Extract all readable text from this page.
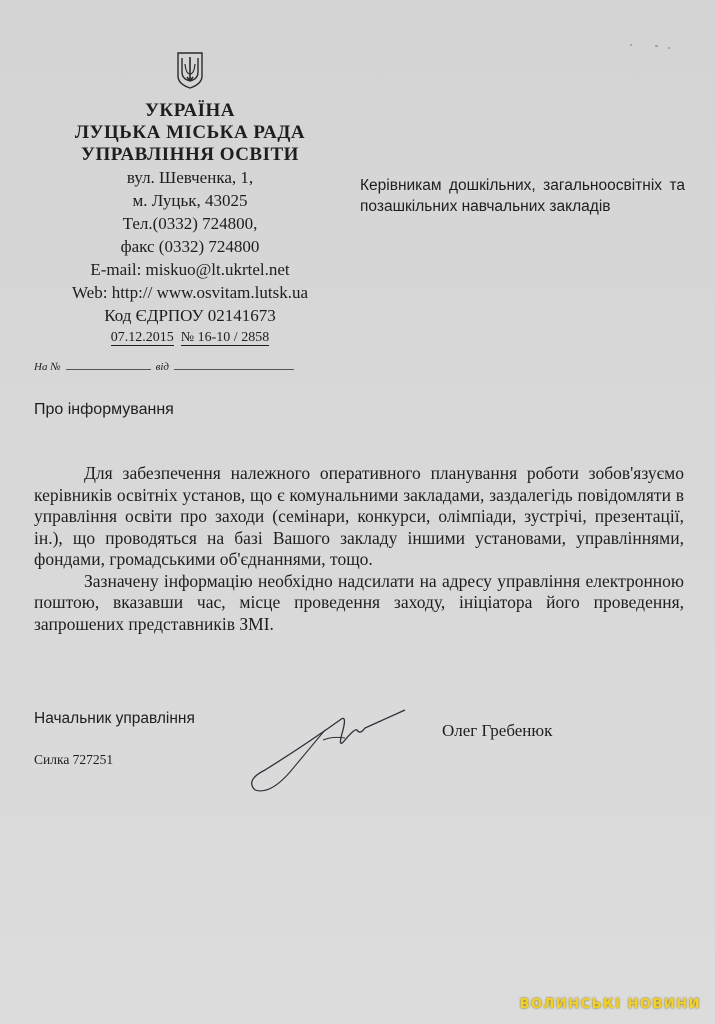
УКРАЇНА
ЛУЦЬКА МІСЬКА РАДА
УПРАВЛІННЯ ОСВІТИ
вул. Шевченка, 1,
м. Луцьк, 43025
Тел.(0332) 724800,
факс (0332) 724800
E-mail: miskuo@lt.ukrtel.net
Web: http:// www.osvitam.lutsk.ua
Код ЄДРПОУ 02141673
07.12.2015 № 16-10 / 2858
Керівникам дошкільних, загальноосвітніх та позашкільних навчальних закладів
На №	від
Про інформування

Для забезпечення належного оперативного планування роботи зобов'язуємо керівників освітніх установ, що є комунальними закладами, заздалегідь повідомляти в управління освіти про заходи (семінари, конкурси, олімпіади, зустрічі, презентації, ін.), що проводяться на базі Вашого закладу іншими установами, управліннями, фондами, громадськими об'єднаннями, тощо.

Зазначену інформацію необхідно надсилати на адресу управління електронною поштою, вказавши час, місце проведення заходу, ініціатора його проведення, запрошених представників ЗМІ.

Начальник управління
Олег Гребенюк
Силка 727251
ВОЛИНСЬКІ НОВИНИ
